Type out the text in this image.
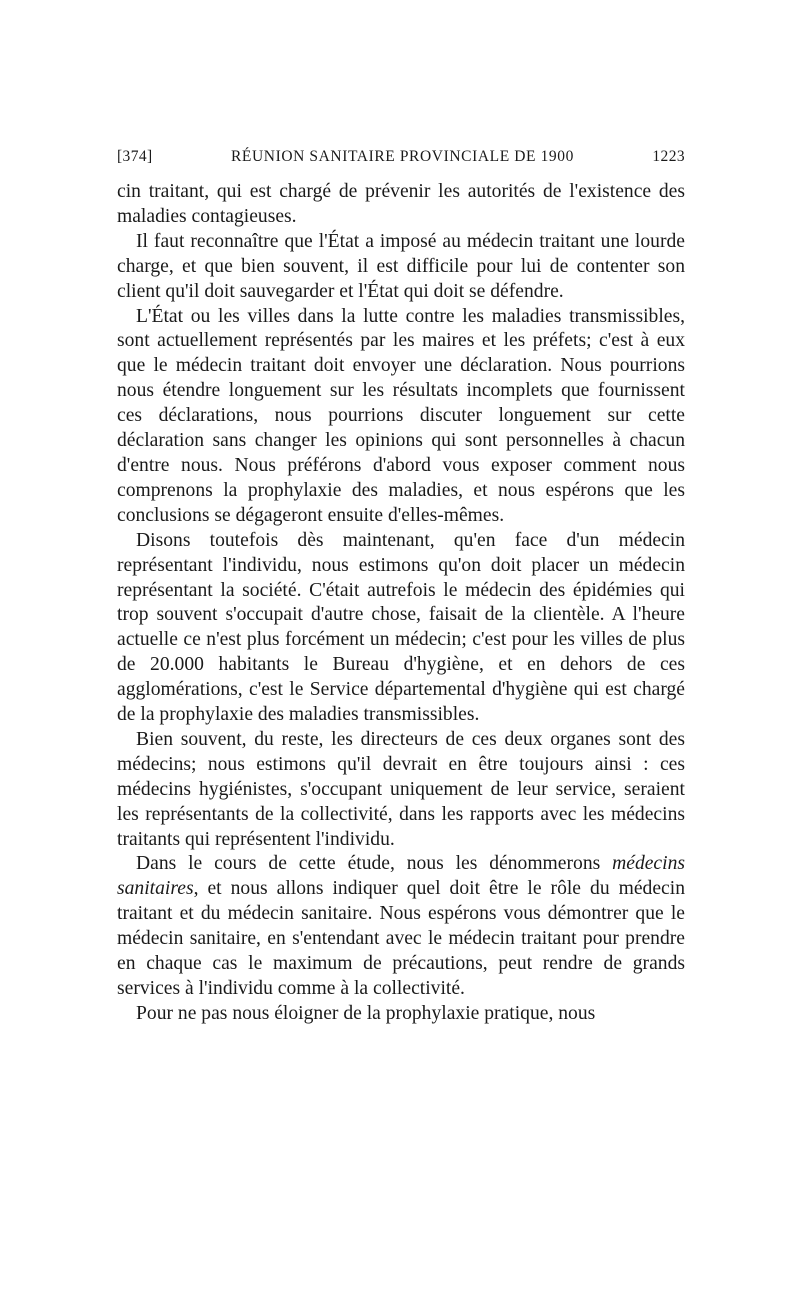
[374]	RÉUNION SANITAIRE PROVINCIALE DE 1900	1223

cin traitant, qui est chargé de prévenir les autorités de l'existence des maladies contagieuses.

Il faut reconnaître que l'État a imposé au médecin traitant une lourde charge, et que bien souvent, il est difficile pour lui de contenter son client qu'il doit sauvegarder et l'État qui doit se défendre.

L'État ou les villes dans la lutte contre les maladies transmissibles, sont actuellement représentés par les maires et les préfets; c'est à eux que le médecin traitant doit envoyer une déclaration. Nous pourrions nous étendre longuement sur les résultats incomplets que fournissent ces déclarations, nous pourrions discuter longuement sur cette déclaration sans changer les opinions qui sont personnelles à chacun d'entre nous. Nous préférons d'abord vous exposer comment nous comprenons la prophylaxie des maladies, et nous espérons que les conclusions se dégageront ensuite d'elles-mêmes.

Disons toutefois dès maintenant, qu'en face d'un médecin représentant l'individu, nous estimons qu'on doit placer un médecin représentant la société. C'était autrefois le médecin des épidémies qui trop souvent s'occupait d'autre chose, faisait de la clientèle. A l'heure actuelle ce n'est plus forcément un médecin; c'est pour les villes de plus de 20.000 habitants le Bureau d'hygiène, et en dehors de ces agglomérations, c'est le Service départemental d'hygiène qui est chargé de la prophylaxie des maladies transmissibles.

Bien souvent, du reste, les directeurs de ces deux organes sont des médecins; nous estimons qu'il devrait en être toujours ainsi : ces médecins hygiénistes, s'occupant uniquement de leur service, seraient les représentants de la collectivité, dans les rapports avec les médecins traitants qui représentent l'individu.

Dans le cours de cette étude, nous les dénommerons médecins sanitaires, et nous allons indiquer quel doit être le rôle du médecin traitant et du médecin sanitaire. Nous espérons vous démontrer que le médecin sanitaire, en s'entendant avec le médecin traitant pour prendre en chaque cas le maximum de précautions, peut rendre de grands services à l'individu comme à la collectivité.

Pour ne pas nous éloigner de la prophylaxie pratique, nous
